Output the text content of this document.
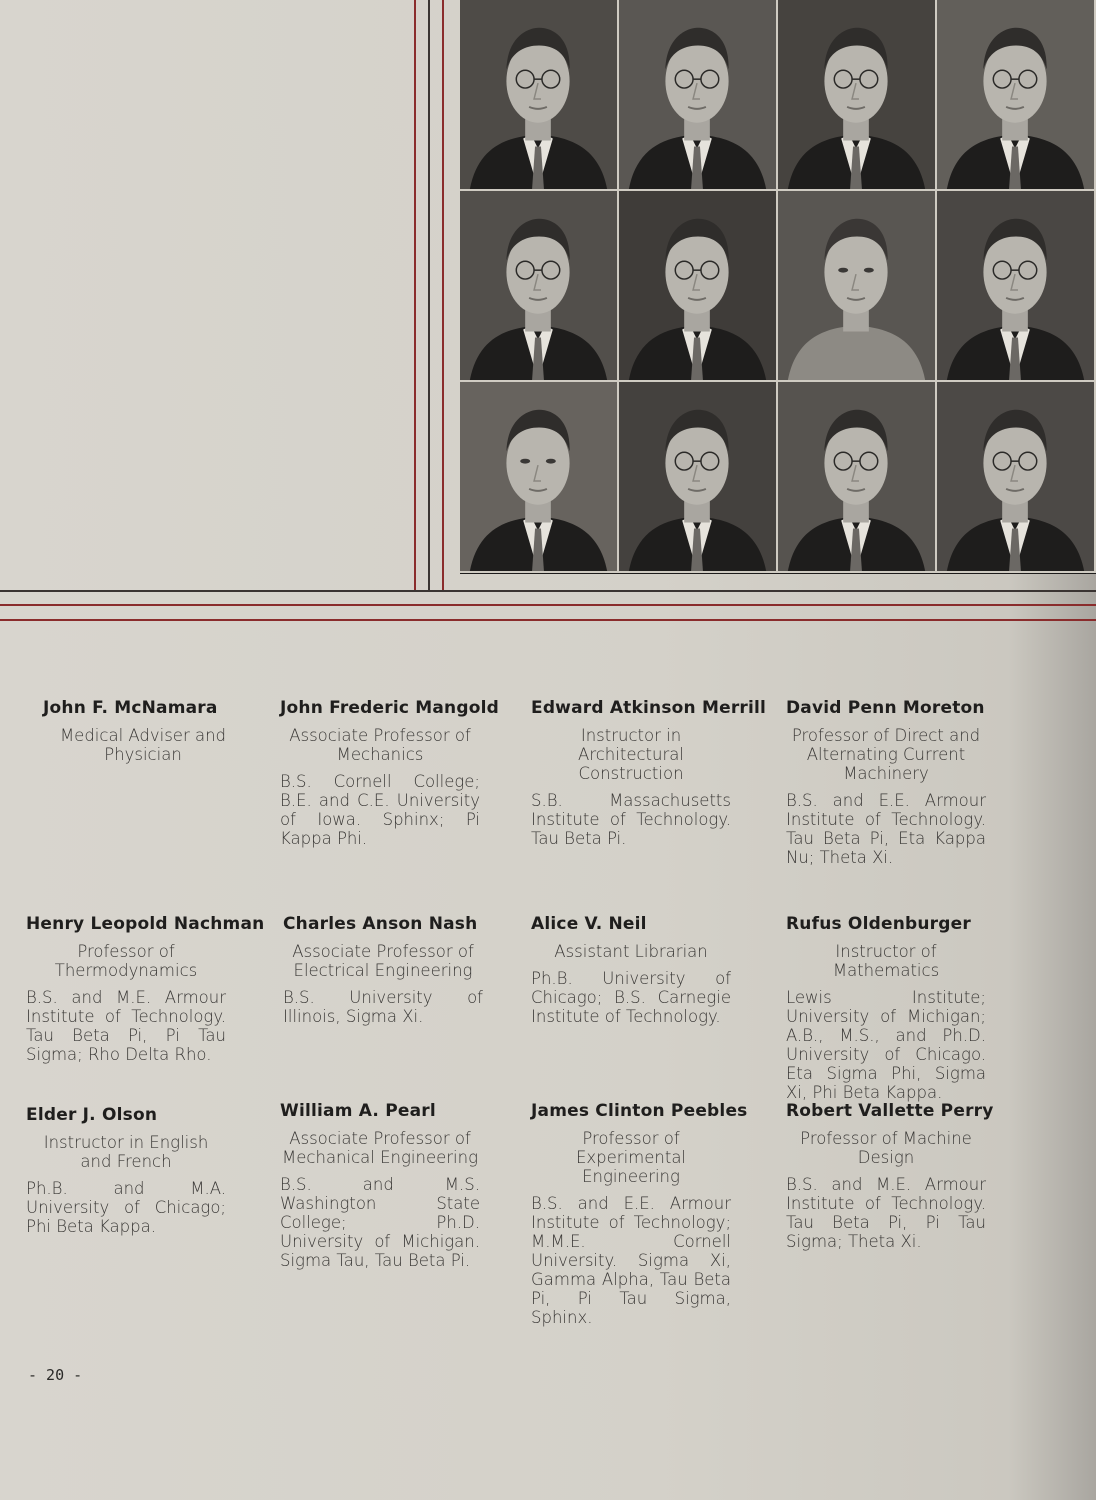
John F. McNamara
Medical Adviser and Physician
John Frederic Mangold
Associate Professor of Mechanics
B.S. Cornell College; B.E. and C.E. University of Iowa. Sphinx; Pi Kappa Phi.
Edward Atkinson Merrill
Instructor in Architectural Construction
S.B. Massachusetts Institute of Technology. Tau Beta Pi.
David Penn Moreton
Professor of Direct and Alternating Current Machinery
B.S. and E.E. Armour Institute of Technology. Tau Beta Pi, Eta Kappa Nu; Theta Xi.
Henry Leopold Nachman
Professor of Thermodynamics
B.S. and M.E. Armour Institute of Technology. Tau Beta Pi, Pi Tau Sigma; Rho Delta Rho.
Charles Anson Nash
Associate Professor of Electrical Engineering
B.S. University of Illinois, Sigma Xi.
Alice V. Neil
Assistant Librarian
Ph.B. University of Chicago; B.S. Carnegie Institute of Technology.
Rufus Oldenburger
Instructor of Mathematics
Lewis Institute; University of Michigan; A.B., M.S., and Ph.D. University of Chicago. Eta Sigma Phi, Sigma Xi, Phi Beta Kappa.
Elder J. Olson
Instructor in English and French
Ph.B. and M.A. University of Chicago; Phi Beta Kappa.
William A. Pearl
Associate Professor of Mechanical Engineering
B.S. and M.S. Washington State College; Ph.D. University of Michigan. Sigma Tau, Tau Beta Pi.
James Clinton Peebles
Professor of Experimental Engineering
B.S. and E.E. Armour Institute of Technology; M.M.E. Cornell University. Sigma Xi, Gamma Alpha, Tau Beta Pi, Pi Tau Sigma, Sphinx.
Robert Vallette Perry
Professor of Machine Design
B.S. and M.E. Armour Institute of Technology. Tau Beta Pi, Pi Tau Sigma; Theta Xi.
- 20 -
